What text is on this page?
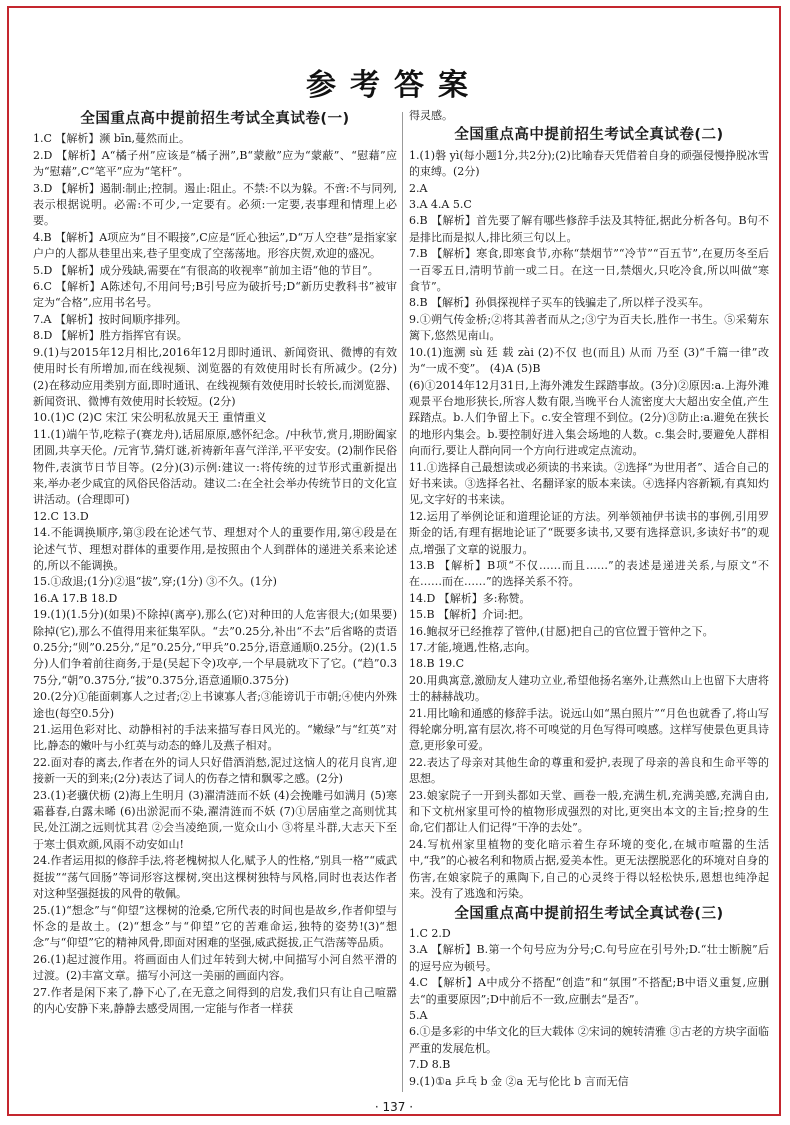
参考答案
全国重点高中提前招生考试全真试卷(一)

1.C 【解析】濒 bīn,蔓然而止。

2.D 【解析】A“橘子州”应该是“橘子洲”,B“蒙敝”应为“蒙蔽”、“慰藉”应为“慰藉”,C“笔平”应为“笔杆”。

3.D 【解析】遏制:制止;控制。遏止:阻止。不禁:不以为躲。不啻:不与同列,表示根据说明。必需:不可少,一定要有。必须:一定要,表事理和情理上必要。

4.B 【解析】A项应为“目不暇接”,C应是“匠心独运”,D“万人空巷”是指家家户户的人都从巷里出来,巷子里变成了空荡荡地。形容庆贺,欢迎的盛况。

5.D 【解析】成分残缺,需要在“有很高的收视率”前加主语“他的节目”。

6.C 【解析】A陈述句,不用问号;B引号应为破折号;D“新历史教科书”被审定为“合格”,应用书名号。

7.A 【解析】按时间顺序排列。

8.D 【解析】胜方指挥官有误。

9.(1)与2015年12月相比,2016年12月即时通讯、新闻资讯、微博的有效使用时长有所增加,而在线视频、浏览器的有效使用时长有所减少。(2分)(2)在移动应用类别方面,即时通讯、在线视频有效使用时长较长,而浏览器、新闻资讯、微博有效使用时长较短。(2分)

10.(1)C (2)C 宋江 宋公明私放晁天王 重情重义

11.(1)端午节,吃粽子(赛龙舟),话屈原原,感怀纪念。/中秋节,赏月,期盼阖家团圆,共享天伦。/元宵节,猜灯谜,祈祷新年喜气洋洋,平平安安。(2)制作民俗物件,表演节日节目等。(2分)(3)示例:建议一:将传统的过节形式重新提出来,举办老少咸宜的风俗民俗活动。建议二:在全社会举办传统节日的文化宣讲活动。(合理即可)

12.C 13.D

14.不能调换顺序,第③段在论述气节、理想对个人的重要作用,第④段是在论述气节、理想对群体的重要作用,是按照由个人到群体的递进关系来论述的,所以不能调换。

15.①敌退;(1分)②退“拔”,穿;(1分) ③不久。(1分)

16.A 17.B 18.D

19.(1)(1.5分)(如果)不除掉(离亭),那么(它)对种田的人危害很大;(如果要)除掉(它),那么不值得用来征集军队。“去”0.25分,补出“不去”后省略的责语0.25分;“则”0.25分,“足”0.25分,“甲兵”0.25分,语意通顺0.25分。(2)(1.5分)人们争着前往商务,于是(吴起下令)攻亭,一个早晨就攻下了它。(“趋”0.375分,“朝”0.375分,“拔”0.375分,语意通顺0.375分)

20.(2分)①能面刺寡人之过者;②上书谏寡人者;③能谤讥于市朝;④使内外殊途也(每空0.5分)

21.运用色彩对比、动静相衬的手法来描写春日风光的。“嫩绿”与“红英”对比,静态的嫩叶与小红英与动态的蜂儿及燕子相对。

22.面对春的离去,作者在外的词人只好借酒消愁,泥过这恼人的花月良宵,迎接新一天的到来;(2分)表达了词人的伤春之情和飘零之感。(2分)

23.(1)老骥伏枥 (2)海上生明月 (3)濯清涟而不妖 (4)会挽雕弓如满月 (5)寒霜暮春,白露未晞 (6)出淤泥而不染,濯清涟而不妖 (7)①居庙堂之高则忧其民,处江湖之远则忧其君 ②会当凌绝顶,一览众山小 ③将星斗群,大志天下至于寒士俱欢颜,风雨不动安如山!

24.作者运用拟的修辞手法,将老槐树拟人化,赋予人的性格,“别具一格”“威武挺拔”“荡气回肠”等词形容这棵树,突出这棵树独特与风格,同时也表达作者对这种坚强挺拔的风骨的敬佩。

25.(1)“想念”与“仰望”这棵树的沧桑,它所代表的时间也是故乡,作者仰望与怀念的是故土。(2)“想念”与“仰望”它的苦难命运,独特的姿势!(3)“想念”与“仰望”它的精神风骨,即面对困难的坚强,威武挺拔,正气浩荡等品质。

26.(1)起过渡作用。将画面由人们过年转到大树,中间描写小河自然平滑的过渡。(2)丰富文章。描写小河这一美丽的画面内容。

27.作者是闲下来了,静下心了,在无意之间得到的启发,我们只有让自己喧嚣的内心安静下来,静静去感受周围,一定能与作者一样获

得灵感。

全国重点高中提前招生考试全真试卷(二)

1.(1)磐 yì(每小题1分,共2分);(2)比喻春天凭借着自身的顽强侵慢挣脱冰雪的束缚。(2分)

2.A

3.A 4.A 5.C

6.B 【解析】首先要了解有哪些修辞手法及其特征,据此分析各句。B句不是排比而是拟人,排比须三句以上。

7.B 【解析】寒食,即寒食节,亦称“禁烟节”“冷节”“百五节”,在夏历冬至后一百零五日,清明节前一或二日。在这一日,禁烟火,只吃冷食,所以叫做“寒食节”。

8.B 【解析】孙俱探视样子买车的钱骗走了,所以样子没买车。

9.①朔气传金桥;②将其善者而从之;③宁为百夫长,胜作一书生。⑤采菊东篱下,悠然见南山。

10.(1)迤溯 sù 廷 载 zài (2)不仅 也(而且) 从而 乃至 (3)“千篇一律”改为“一成不变”。 (4)A (5)B

(6)①2014年12月31日,上海外滩发生踩踏事故。(3分)②原因:a.上海外滩观景平台地形狭长,所容人数有限,当晚平台人流密度大大超出安全值,产生踩踏点。b.人们争留上下。c.安全管理不到位。(2分)③防止:a.避免在狭长的地形内集会。b.要控制好进入集会场地的人数。c.集会时,要避免人群相向而行,要让人群向同一个方向行进或定点流动。

11.①选择自己最想读或必须读的书来读。②选择“为世用者”、适合自己的好书来读。③选择名社、名翻译家的版本来读。④选择内容新颖,有真知灼见,文字好的书来读。

12.运用了举例论证和道理论证的方法。列举领袖伊书读书的事例,引用罗斯金的话,有理有据地论证了“既要多读书,又要有选择意识,多读好书”的观点,增强了文章的说服力。

13.B 【解析】B项“不仅……而且……”的表述是递进关系,与原文“不在……而在……”的选择关系不符。

14.D 【解析】多:称赞。

15.B 【解析】介词:把。

16.鲍叔牙已经推荐了管仲,(甘愿)把自己的官位置于管仲之下。

17.才能,境遇,性格,志向。

18.B 19.C

20.用典寓意,激励友人建功立业,希望他扬名塞外,让燕然山上也留下大唐将士的赫赫战功。

21.用比喻和通感的修辞手法。说远山如“黑白照片”“月色也就香了,将山写得轮廓分明,富有层次,将不可嗅觉的月色写得可嗅感。这样写使景色更具诗意,更形象可爱。

22.表达了母亲对其他生命的尊重和爱护,表现了母亲的善良和生命平等的思想。

23.娘家院子一开到头都如天堂、画卷一般,充满生机,充满美感,充满自由,和下文杭州家里可怜的植物形成强烈的对比,更突出本文的主旨;控身的生命,它们都让人们记得“干净的去处”。

24.写杭州家里植物的变化暗示着生存环境的变化,在城市喧嚣的生活中,“我”的心被名利和物质占据,爱美本性。更无法摆脱恶化的环境对自身的伤害,在娘家院子的熏陶下,自己的心灵终于得以轻松快乐,恩想也纯净起来。没有了逃逸和污染。

全国重点高中提前招生考试全真试卷(三)

1.C 2.D

3.A 【解析】B.第一个句号应为分号;C.句号应在引号外;D.“壮士断腕”后的逗号应为顿号。

4.C 【解析】A中成分不搭配“创造”和“氛围”不搭配;B中语义重复,应删去“的重要原因”;D中前后不一致,应删去“是否”。

5.A

6.①是多彩的中华文化的巨大载体 ②宋词的婉转清雅 ③古老的方块字面临严重的发展危机。

7.D 8.B

9.(1)①a 乒乓 b 金 ②a 无与伦比 b 言而无信

· 137 ·
